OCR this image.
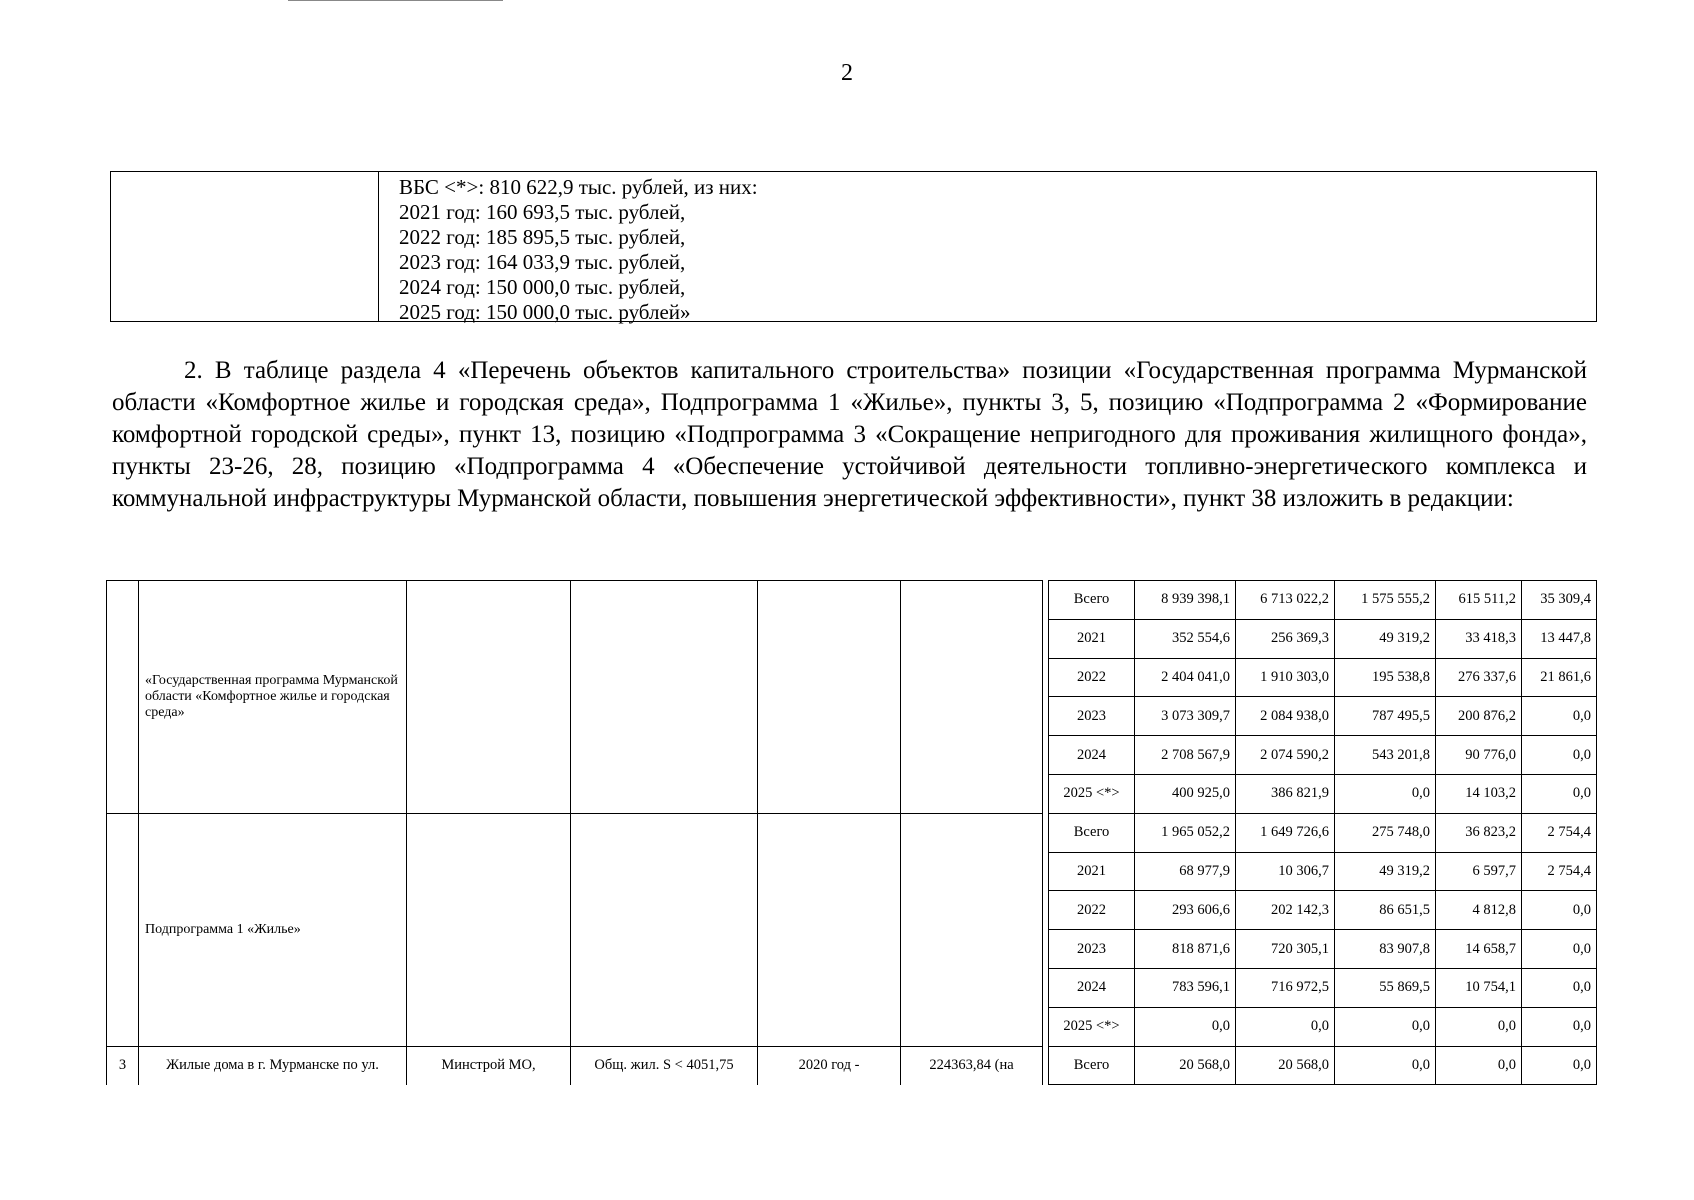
2
ВБС <*>: 810 622,9 тыс. рублей, из них:
2021 год: 160 693,5 тыс. рублей,
2022 год: 185 895,5 тыс. рублей,
2023 год: 164 033,9 тыс. рублей,
2024 год: 150 000,0 тыс. рублей,
2025 год: 150 000,0 тыс. рублей»
2. В таблице раздела 4 «Перечень объектов капитального строительства» позиции «Государственная программа Мурманской области «Комфортное жилье и городская среда», Подпрограмма 1 «Жилье», пункты 3, 5, позицию «Подпрограмма 2 «Формирование комфортной городской среды», пункт 13, позицию «Подпрограмма 3 «Сокращение непригодного для проживания жилищного фонда», пункты 23-26, 28, позицию «Подпрограмма 4 «Обеспечение устойчивой деятельности топливно-энергетического комплекса и коммунальной инфраструктуры Мурманской области, повышения энергетической эффективности», пункт 38 изложить в редакции:
	«Государственная программа Мурманской области «Комфортное жилье и городская среда»						Всего	8 939 398,1	6 713 022,2	1 575 555,2	615 511,2	35 309,4
							2021	352 554,6	256 369,3	49 319,2	33 418,3	13 447,8
							2022	2 404 041,0	1 910 303,0	195 538,8	276 337,6	21 861,6
							2023	3 073 309,7	2 084 938,0	787 495,5	200 876,2	0,0
							2024	2 708 567,9	2 074 590,2	543 201,8	90 776,0	0,0
							2025 <*>	400 925,0	386 821,9	0,0	14 103,2	0,0
	Подпрограмма 1 «Жилье»						Всего	1 965 052,2	1 649 726,6	275 748,0	36 823,2	2 754,4
							2021	68 977,9	10 306,7	49 319,2	6 597,7	2 754,4
							2022	293 606,6	202 142,3	86 651,5	4 812,8	0,0
							2023	818 871,6	720 305,1	83 907,8	14 658,7	0,0
							2024	783 596,1	716 972,5	55 869,5	10 754,1	0,0
							2025 <*>	0,0	0,0	0,0	0,0	0,0
3	Жилые дома в г. Мурманске по ул.	Минстрой МО,	Общ. жил. S < 4051,75	2020 год -	224363,84 (на		Всего	20 568,0	20 568,0	0,0	0,0	0,0
